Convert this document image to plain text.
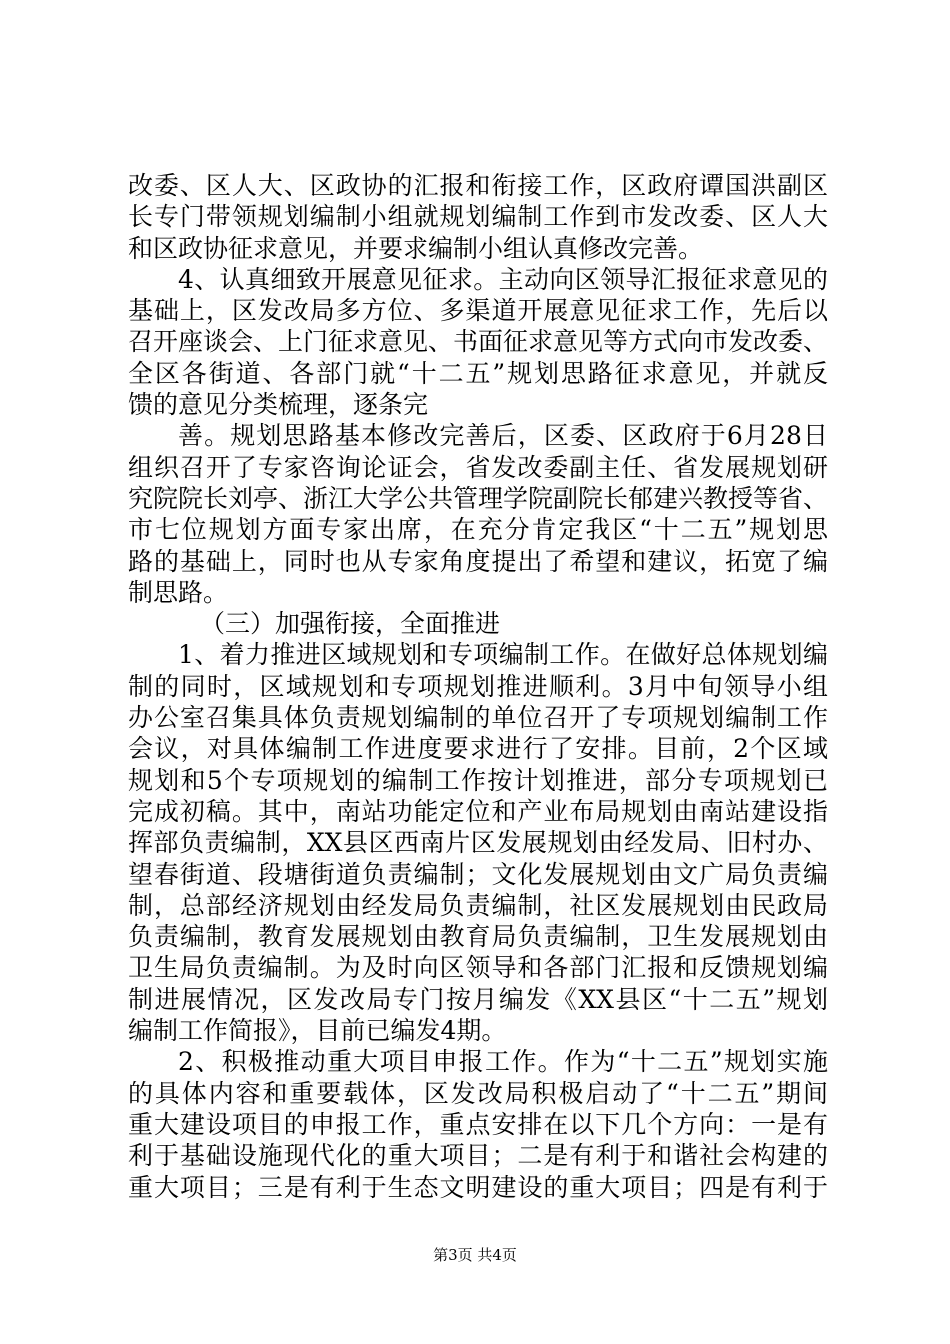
改委、区人大、区政协的汇报和衔接工作，区政府谭国洪副区
长专门带领规划编制小组就规划编制工作到市发改委、区人大
和区政协征求意见，并要求编制小组认真修改完善。
4、认真细致开展意见征求。主动向区领导汇报征求意见的
基础上，区发改局多方位、多渠道开展意见征求工作，先后以
召开座谈会、上门征求意见、书面征求意见等方式向市发改委、
全区各街道、各部门就“十二五”规划思路征求意见，并就反
馈的意见分类梳理，逐条完
善。规划思路基本修改完善后，区委、区政府于6月28日
组织召开了专家咨询论证会，省发改委副主任、省发展规划研
究院院长刘亭、浙江大学公共管理学院副院长郁建兴教授等省、
市七位规划方面专家出席，在充分肯定我区“十二五”规划思
路的基础上，同时也从专家角度提出了希望和建议，拓宽了编
制思路。
（三）加强衔接，全面推进
1、着力推进区域规划和专项编制工作。在做好总体规划编
制的同时，区域规划和专项规划推进顺利。3月中旬领导小组
办公室召集具体负责规划编制的单位召开了专项规划编制工作
会议，对具体编制工作进度要求进行了安排。目前，2个区域
规划和5个专项规划的编制工作按计划推进，部分专项规划已
完成初稿。其中，南站功能定位和产业布局规划由南站建设指
挥部负责编制，XX县区西南片区发展规划由经发局、旧村办、
望春街道、段塘街道负责编制；文化发展规划由文广局负责编
制，总部经济规划由经发局负责编制，社区发展规划由民政局
负责编制，教育发展规划由教育局负责编制，卫生发展规划由
卫生局负责编制。为及时向区领导和各部门汇报和反馈规划编
制进展情况，区发改局专门按月编发《XX县区“十二五”规划
编制工作简报》，目前已编发4期。
2、积极推动重大项目申报工作。作为“十二五”规划实施
的具体内容和重要载体，区发改局积极启动了“十二五”期间
重大建设项目的申报工作，重点安排在以下几个方向：一是有
利于基础设施现代化的重大项目；二是有利于和谐社会构建的
重大项目；三是有利于生态文明建设的重大项目；四是有利于
第3页 共4页
